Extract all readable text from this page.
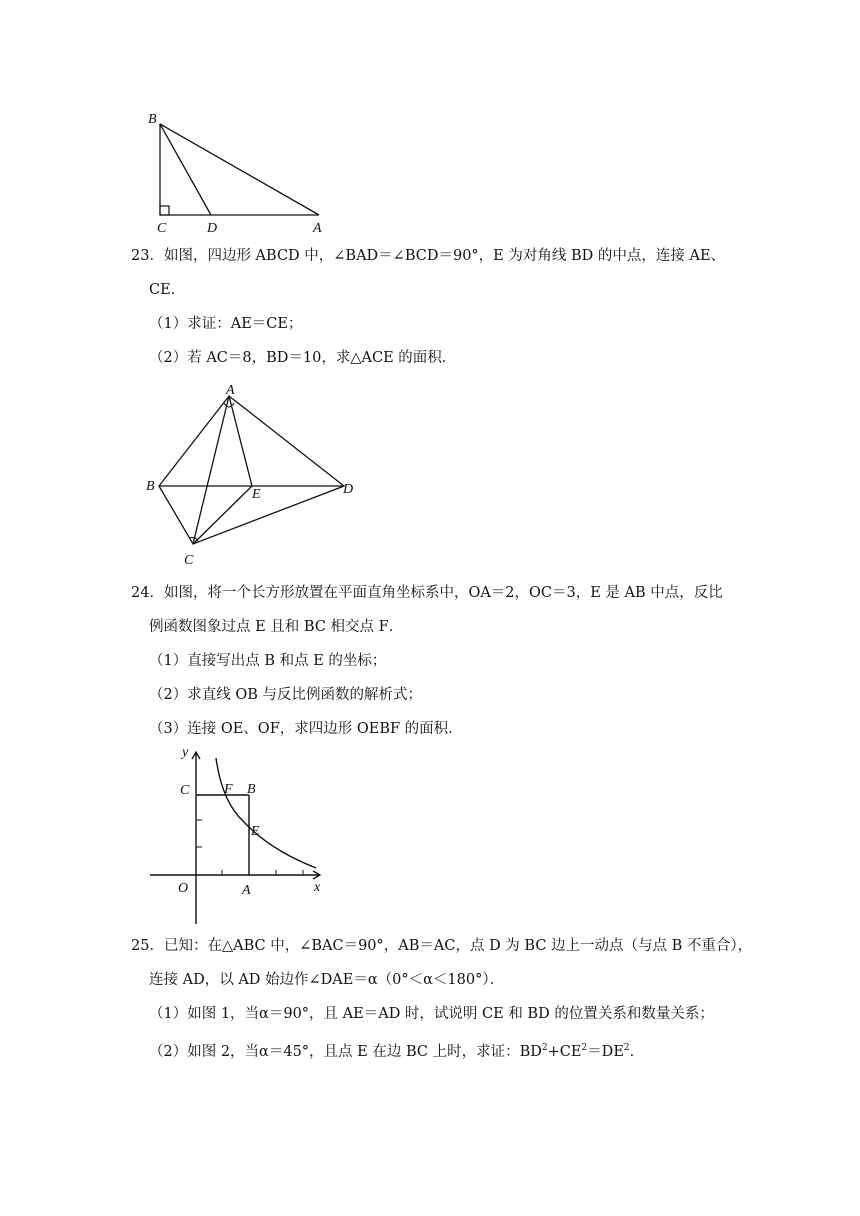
B
C	D	A
23．如图，四边形 ABCD 中，∠BAD＝∠BCD＝90°，E 为对角线 BD 的中点，连接 AE、
CE．
（1）求证：AE＝CE；
（2）若 AC＝8，BD＝10，求△ACE 的面积．
A
B
E	D
C
24．如图，将一个长方形放置在平面直角坐标系中，OA＝2，OC＝3，E 是 AB 中点，反比
例函数图象过点 E 且和 BC 相交点 F．
（1）直接写出点 B 和点 E 的坐标；
（2）求直线 OB 与反比例函数的解析式；
（3）连接 OE、OF，求四边形 OEBF 的面积．
y
x
C F B
E
O	A
25．已知：在△ABC 中，∠BAC＝90°，AB＝AC，点 D 为 BC 边上一动点（与点 B 不重合），
连接 AD，以 AD 始边作∠DAE＝α（0°＜α＜180°）．
（1）如图 1，当α＝90°，且 AE＝AD 时，试说明 CE 和 BD 的位置关系和数量关系；
（2）如图 2，当α＝45°，且点 E 在边 BC 上时，求证：$BD^2+CE^2=DE^2$．
